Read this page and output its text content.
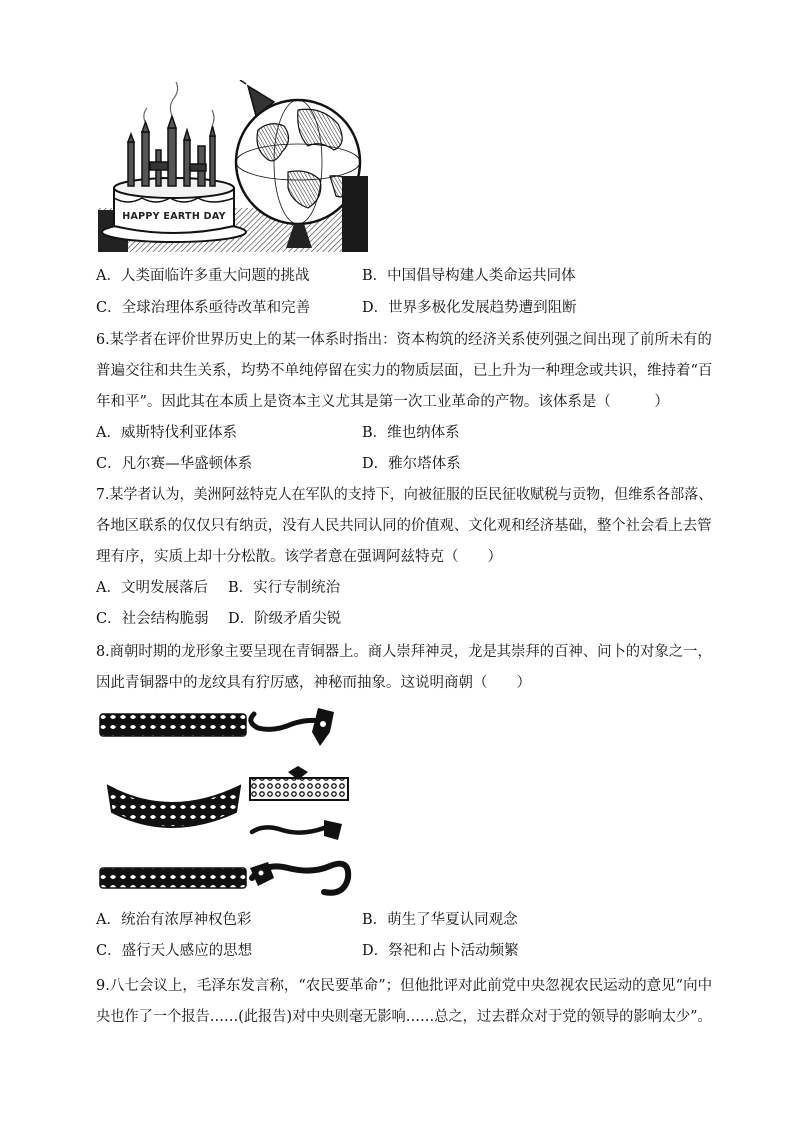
HAPPY EARTH DAY
A．人类面临许多重大问题的挑战	B．中国倡导构建人类命运共同体
C．全球治理体系亟待改革和完善	D．世界多极化发展趋势遭到阻断
6.某学者在评价世界历史上的某一体系时指出：资本构筑的经济关系使列强之间出现了前所未有的
普遍交往和共生关系，均势不单纯停留在实力的物质层面，已上升为一种理念或共识，维持着“百
年和平”。因此其在本质上是资本主义尤其是第一次工业革命的产物。该体系是（　　　）
A．威斯特伐利亚体系	B．维也纳体系
C．凡尔赛—华盛顿体系	D．雅尔塔体系
7.某学者认为，美洲阿兹特克人在军队的支持下，向被征服的臣民征收赋税与贡物，但维系各部落、
各地区联系的仅仅只有纳贡，没有人民共同认同的价值观、文化观和经济基础，整个社会看上去管
理有序，实质上却十分松散。该学者意在强调阿兹特克（　　）
A．文明发展落后 B．实行专制统治
C．社会结构脆弱 D．阶级矛盾尖锐
8.商朝时期的龙形象主要呈现在青铜器上。商人崇拜神灵，龙是其崇拜的百神、问卜的对象之一，
因此青铜器中的龙纹具有狞厉感，神秘而抽象。这说明商朝（　　）
A．统治有浓厚神权色彩	B．萌生了华夏认同观念
C．盛行天人感应的思想	D．祭祀和占卜活动频繁
9.八七会议上，毛泽东发言称，“农民要革命”；但他批评对此前党中央忽视农民运动的意见“向中
央也作了一个报告……(此报告)对中央则毫无影响……总之，过去群众对于党的领导的影响太少”。
